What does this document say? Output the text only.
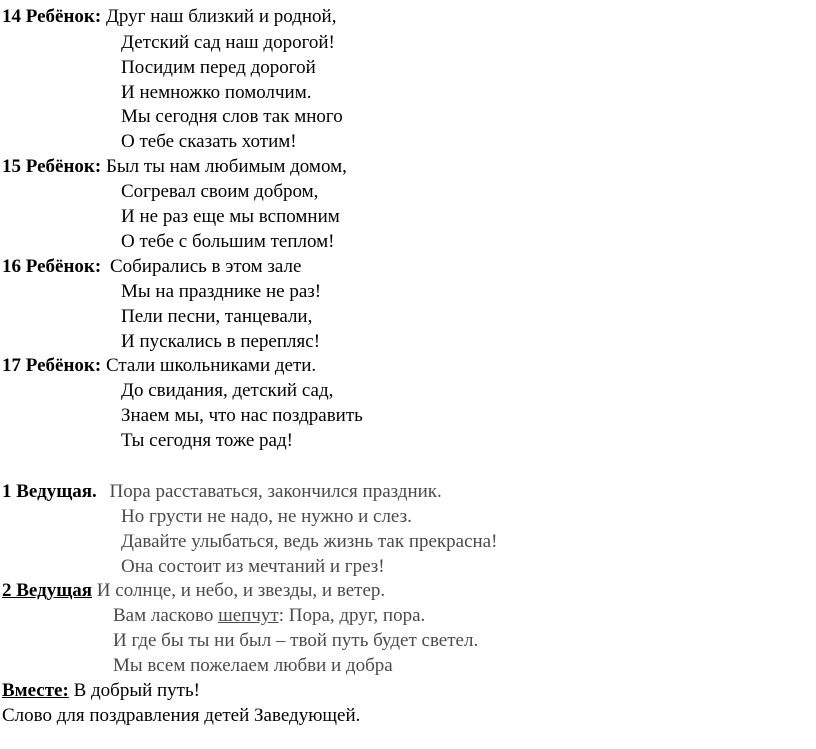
14 Ребёнок: Друг наш близкий и родной,
Детский сад наш дорогой!
Посидим перед дорогой
И немножко помолчим.
Мы сегодня слов так много
О тебе сказать хотим!
15 Ребёнок: Был ты нам любимым домом,
Согревал своим добром,
И не раз еще мы вспомним
О тебе с большим теплом!
16 Ребёнок: Собирались в этом зале
Мы на празднике не раз!
Пели песни, танцевали,
И пускались в перепляс!
17 Ребёнок: Стали школьниками дети.
До свидания, детский сад,
Знаем мы, что нас поздравить
Ты сегодня тоже рад!
1 Ведущая. Пора расставаться, закончился праздник.
Но грусти не надо, не нужно и слез.
Давайте улыбаться, ведь жизнь так прекрасна!
Она состоит из мечтаний и грез!
2 Ведущая И солнце, и небо, и звезды, и ветер.
Вам ласково шепчут: Пора, друг, пора.
И где бы ты ни был – твой путь будет светел.
Мы всем пожелаем любви и добра
Вместе: В добрый путь!
Слово для поздравления детей Заведующей.
